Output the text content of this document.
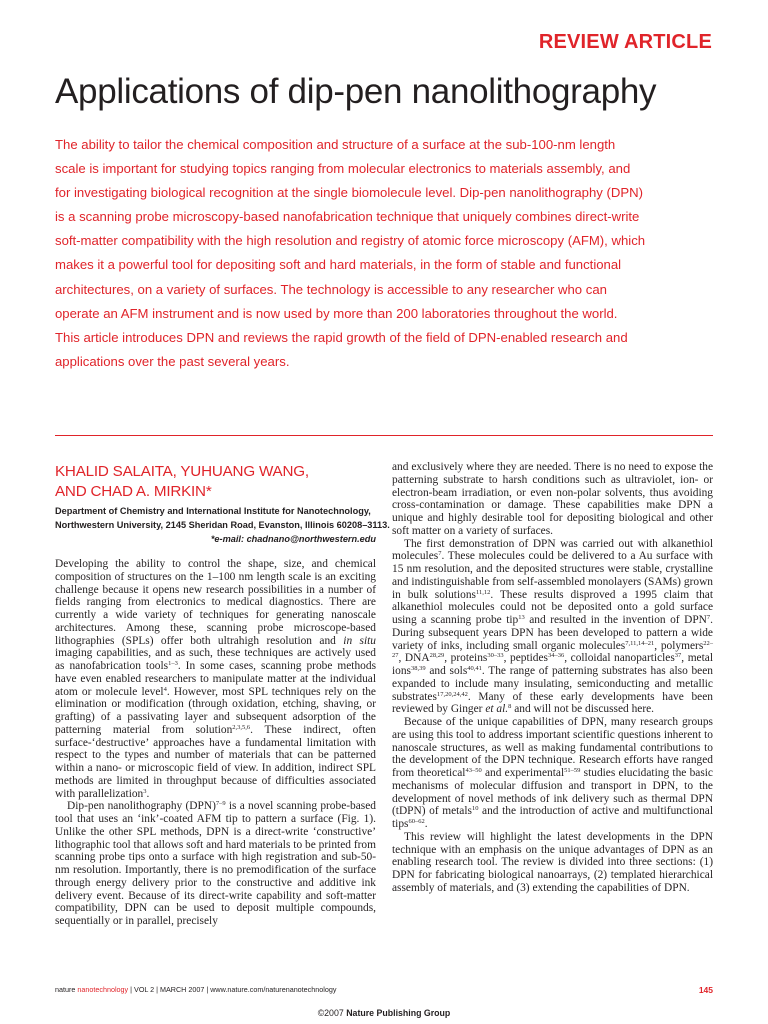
REVIEW ARTICLE
Applications of dip-pen nanolithography
The ability to tailor the chemical composition and structure of a surface at the sub-100-nm length
scale is important for studying topics ranging from molecular electronics to materials assembly, and
for investigating biological recognition at the single biomolecule level. Dip-pen nanolithography (DPN)
is a scanning probe microscopy-based nanofabrication technique that uniquely combines direct-write
soft-matter compatibility with the high resolution and registry of atomic force microscopy (AFM), which
makes it a powerful tool for depositing soft and hard materials, in the form of stable and functional
architectures, on a variety of surfaces. The technology is accessible to any researcher who can
operate an AFM instrument and is now used by more than 200 laboratories throughout the world.
This article introduces DPN and reviews the rapid growth of the field of DPN-enabled research and
applications over the past several years.
KHALID SALAITA, YUHUANG WANG,
AND CHAD A. MIRKIN*
Department of Chemistry and International Institute for Nanotechnology,
Northwestern University, 2145 Sheridan Road, Evanston, Illinois 60208–3113.
*e-mail: chadnano@northwestern.edu

Developing the ability to control the shape, size, and chemical composition of structures on the 1–100 nm length scale is an exciting challenge because it opens new research possibilities in a number of fields ranging from electronics to medical diagnostics. There are currently a wide variety of techniques for generating nanoscale architectures. Among these, scanning probe microscope-based lithographies (SPLs) offer both ultrahigh resolution and in situ imaging capabilities, and as such, these techniques are actively used as nanofabrication tools$^{1-3}$. In some cases, scanning probe methods have even enabled researchers to manipulate matter at the individual atom or molecule level$^4$. However, most SPL techniques rely on the elimination or modification (through oxidation, etching, shaving, or grafting) of a passivating layer and subsequent adsorption of the patterning material from solution$^{2,3,5,6}$. These indirect, often surface-‘destructive’ approaches have a fundamental limitation with respect to the types and number of materials that can be patterned within a nano- or microscopic field of view. In addition, indirect SPL methods are limited in throughput because of difficulties associated with parallelization$^3$.

Dip-pen nanolithography (DPN)$^{7-9}$ is a novel scanning probe-based tool that uses an ‘ink’-coated AFM tip to pattern a surface (Fig. 1). Unlike the other SPL methods, DPN is a direct-write ‘constructive’ lithographic tool that allows soft and hard materials to be printed from scanning probe tips onto a surface with high registration and sub-50-nm resolution. Importantly, there is no premodification of the surface through energy delivery prior to the constructive and additive ink delivery event. Because of its direct-write capability and soft-matter compatibility, DPN can be used to deposit multiple compounds, sequentially or in parallel, precisely

and exclusively where they are needed. There is no need to expose the patterning substrate to harsh conditions such as ultraviolet, ion- or electron-beam irradiation, or even non-polar solvents, thus avoiding cross-contamination or damage. These capabilities make DPN a unique and highly desirable tool for depositing biological and other soft matter on a variety of surfaces.

The first demonstration of DPN was carried out with alkanethiol molecules$^7$. These molecules could be delivered to a Au surface with 15 nm resolution, and the deposited structures were stable, crystalline and indistinguishable from self-assembled monolayers (SAMs) grown in bulk solutions$^{11,12}$. These results disproved a 1995 claim that alkanethiol molecules could not be deposited onto a gold surface using a scanning probe tip$^{13}$ and resulted in the invention of DPN$^7$. During subsequent years DPN has been developed to pattern a wide variety of inks, including small organic molecules$^{7,11,14-21}$, polymers$^{22-27}$, DNA$^{28,29}$, proteins$^{30-33}$, peptides$^{34-36}$, colloidal nanoparticles$^{37}$, metal ions$^{38,39}$ and sols$^{40,41}$. The range of patterning substrates has also been expanded to include many insulating, semiconducting and metallic substrates$^{17,20,24,42}$. Many of these early developments have been reviewed by Ginger et al.$^8$ and will not be discussed here.

Because of the unique capabilities of DPN, many research groups are using this tool to address important scientific questions inherent to nanoscale structures, as well as making fundamental contributions to the development of the DPN technique. Research efforts have ranged from theoretical$^{43-50}$ and experimental$^{51-59}$ studies elucidating the basic mechanisms of molecular diffusion and transport in DPN, to the development of novel methods of ink delivery such as thermal DPN (tDPN) of metals$^{10}$ and the introduction of active and multifunctional tips$^{60-62}$.

This review will highlight the latest developments in the DPN technique with an emphasis on the unique advantages of DPN as an enabling research tool. The review is divided into three sections: (1) DPN for fabricating biological nanoarrays, (2) templated hierarchical assembly of materials, and (3) extending the capabilities of DPN.

nature nanotechnology | VOL 2 | MARCH 2007 | www.nature.com/naturenanotechnology	145
©2007 Nature Publishing Group
